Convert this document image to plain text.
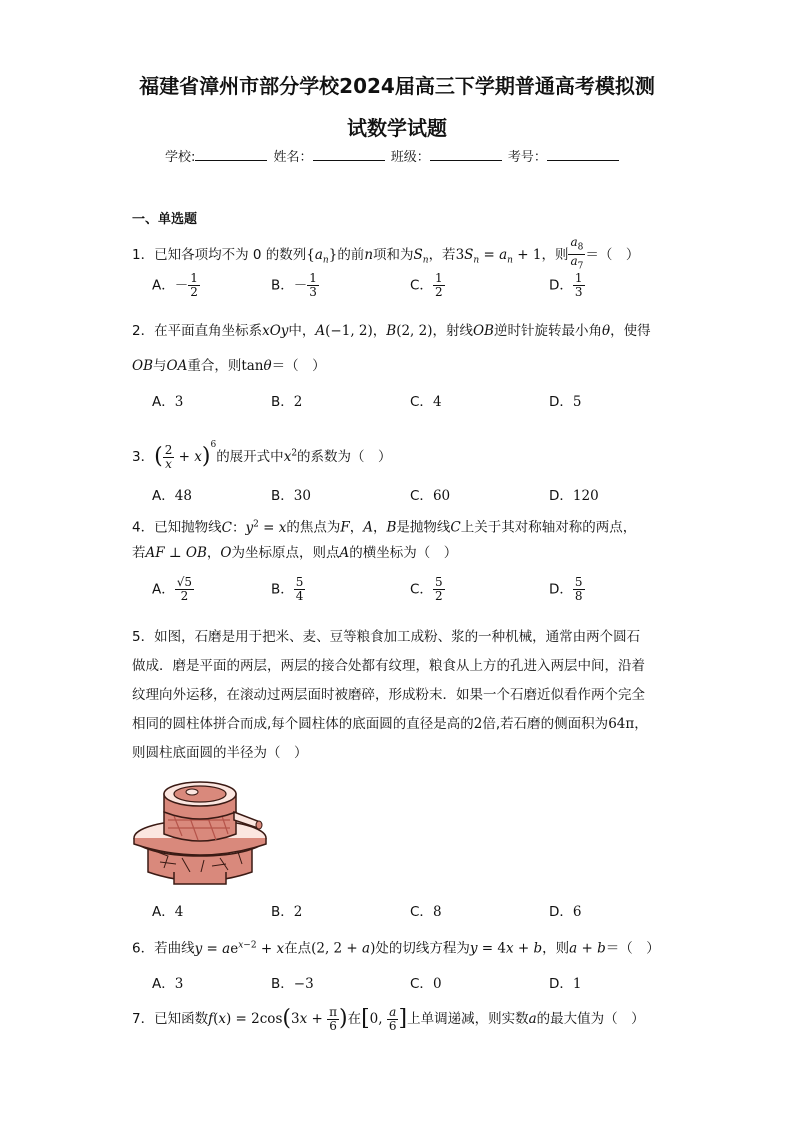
福建省漳州市部分学校2024届高三下学期普通高考模拟测
试数学试题
学校:	姓名：	班级：	考号：
一、单选题
1．已知各项均不为 0 的数列$\{a_n\}$的前n项和为$S_n$，若$3S_n = a_n + 1$，则 $\frac{a_8}{a_7}$ ＝（　）
A．－ $\frac{1}{2}$	B．－ $\frac{1}{3}$	C． $\frac{1}{2}$	D． $\frac{1}{3}$
2．在平面直角坐标系xOy中，A(−1, 2)，B(2, 2)，射线OB逆时针旋转最小角θ，使得
OB与OA重合，则tanθ＝（　）
A．3	B．2	C．4	D．5
3．( $\frac{2}{x} + x)^6$的展开式中$x^2$的系数为（　）
A．48	B．30	C．60	D．120
4．已知抛物线C：$y^2 = x$的焦点为F，A，B是抛物线C上关于其对称轴对称的两点，
若AF ⊥ OB，O为坐标原点，则点A的横坐标为（　）
A． $\frac{√5}{2}$	B． $\frac{5}{4}$	C． $\frac{5}{2}$	D． $\frac{5}{8}$
5．如图，石磨是用于把米、麦、豆等粮食加工成粉、浆的一种机械，通常由两个圆石
做成．磨是平面的两层，两层的接合处都有纹理，粮食从上方的孔进入两层中间，沿着
纹理向外运移，在滚动过两层面时被磨碎，形成粉末．如果一个石磨近似看作两个完全
相同的圆柱体拼合而成,每个圆柱体的底面圆的直径是高的2倍,若石磨的侧面积为64π，
则圆柱底面圆的半径为（　）
A．4	B．2	C．8	D．6
6．若曲线$y = ae^{x-2} + x$在点(2, 2 + a)处的切线方程为y = 4x + b，则a + b＝（　）
A．3	B．−3	C．0	D．1
7．已知函数$f(x) = 2\cos(3x + \frac{\pi}{6}$ )在[0, $\frac{a}{6}$ ]上单调递减，则实数a的最大值为（　）
